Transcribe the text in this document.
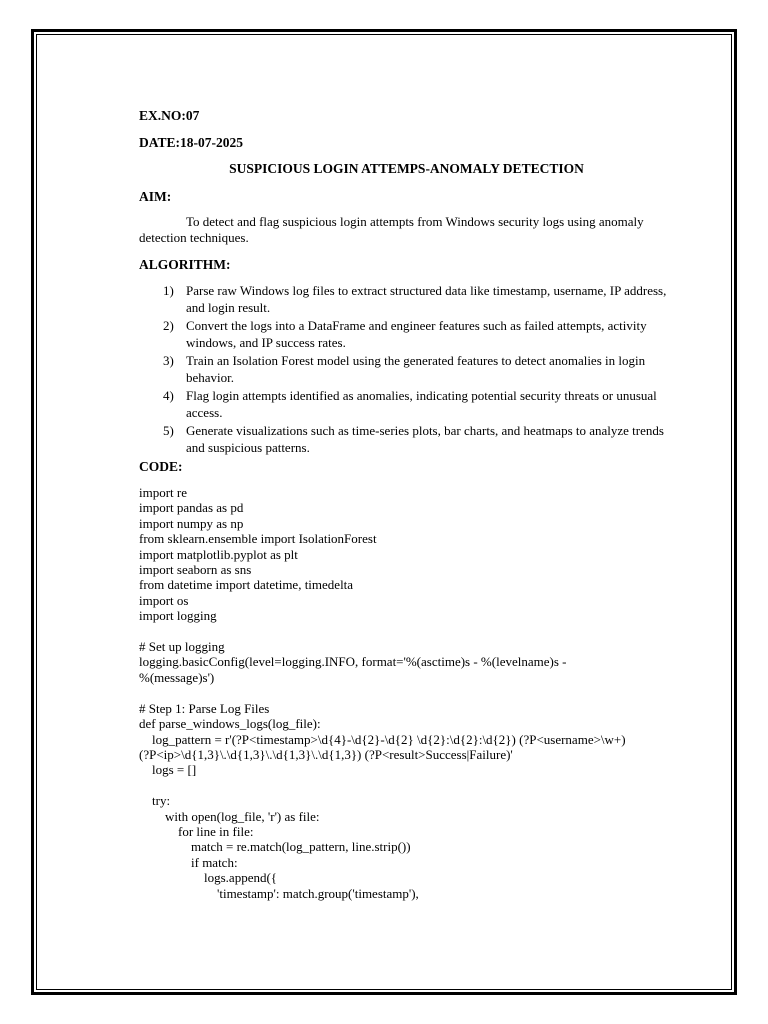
EX.NO:07
DATE:18-07-2025
SUSPICIOUS LOGIN ATTEMPS-ANOMALY DETECTION
AIM:
To detect and flag suspicious login attempts from Windows security logs using anomaly detection techniques.
ALGORITHM:
1) Parse raw Windows log files to extract structured data like timestamp, username, IP address, and login result.
2) Convert the logs into a DataFrame and engineer features such as failed attempts, activity windows, and IP success rates.
3) Train an Isolation Forest model using the generated features to detect anomalies in login behavior.
4) Flag login attempts identified as anomalies, indicating potential security threats or unusual access.
5) Generate visualizations such as time-series plots, bar charts, and heatmaps to analyze trends and suspicious patterns.
CODE:
import re
import pandas as pd
import numpy as np
from sklearn.ensemble import IsolationForest
import matplotlib.pyplot as plt
import seaborn as sns
from datetime import datetime, timedelta
import os
import logging

# Set up logging
logging.basicConfig(level=logging.INFO, format='%(asctime)s - %(levelname)s -
%(message)s')

# Step 1: Parse Log Files
def parse_windows_logs(log_file):
log_pattern = r'(?P<timestamp>\d{4}-\d{2}-\d{2} \d{2}:\d{2}:\d{2}) (?P<username>\w+)
(?P<ip>\d{1,3}\.\d{1,3}\.\d{1,3}\.\d{1,3}) (?P<result>Success|Failure)'
logs = []

try:
with open(log_file, 'r') as file:
for line in file:
match = re.match(log_pattern, line.strip())
if match:
logs.append({
'timestamp': match.group('timestamp'),
